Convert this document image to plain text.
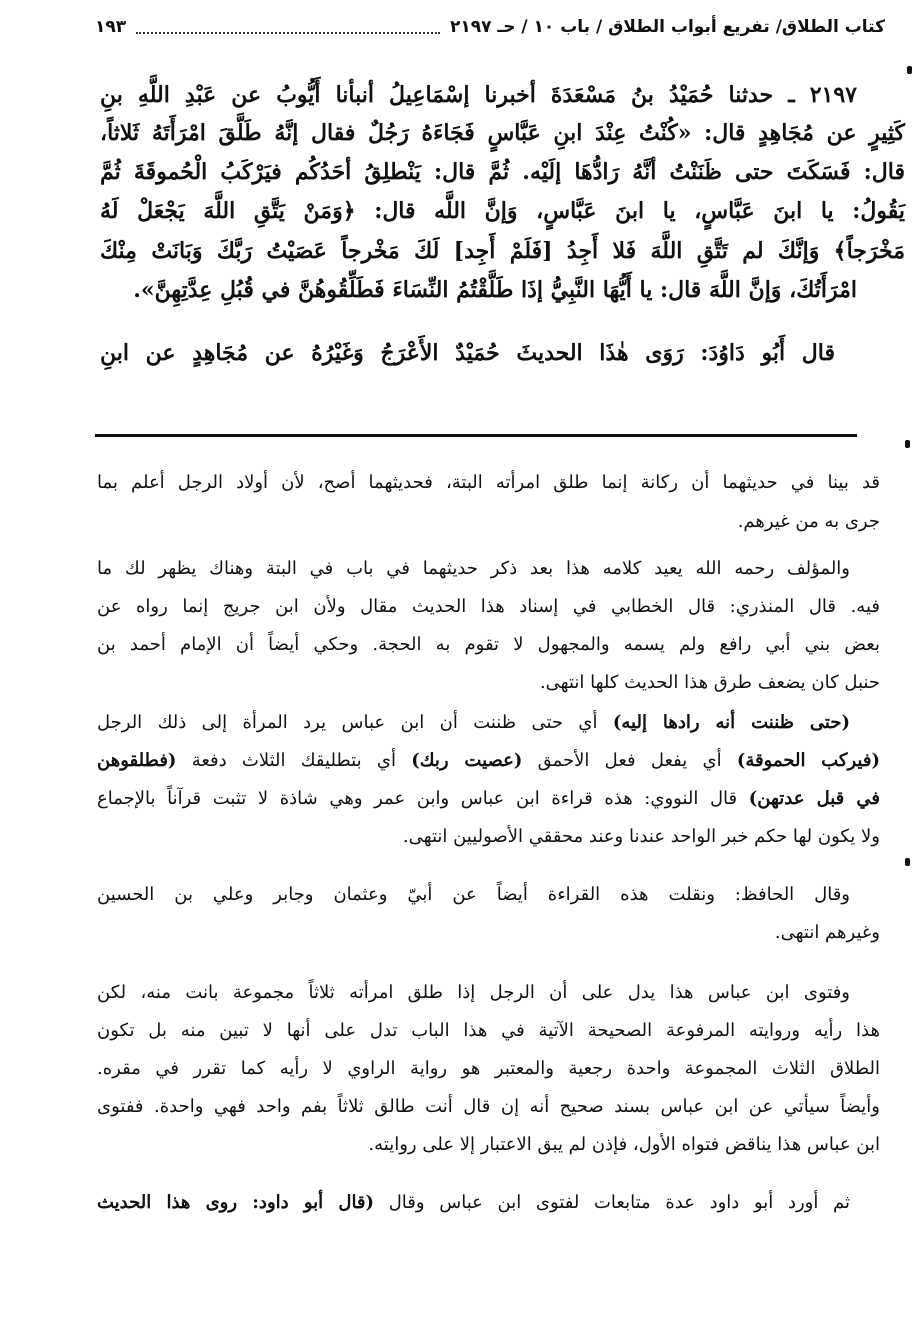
كتاب الطلاق/ تفريع أبواب الطلاق / باب ١٠ / حـ ٢١٩٧
١٩٣
٢١٩٧ ـ حدثنا حُمَيْدُ بنُ مَسْعَدَةَ أخبرنا إسْمَاعِيلُ أنبأنا أَيُّوبُ عن عَبْدِ اللَّهِ بنِ
كَثِيرٍ عن مُجَاهِدٍ قال: «كُنْتُ عِنْدَ ابنِ عَبَّاسٍ فَجَاءَهُ رَجُلٌ فقال إنَّهُ طَلَّقَ امْرَأَتَهُ ثَلاثاً،
قال: فَسَكَتَ حتى ظَنَنْتُ أنَّهُ رَادُّهَا إلَيْه. ثُمَّ قال: يَنْطلِقُ أحَدُكُم فيَرْكَبُ الْحُموقَةَ ثُمَّ
يَقُولُ: يا ابنَ عَبَّاسٍ، يا ابنَ عَبَّاسٍ، وَإنَّ اللَّه قال: ﴿وَمَنْ يَتَّقِ اللَّهَ يَجْعَلْ لَهُ
مَخْرَجاً﴾ وَإنَّكَ لم تَتَّقِ اللَّهَ فَلا أَجِدُ [فَلَمْ أَجِد] لَكَ مَخْرجاً عَصَيْتُ رَبَّكَ وَبَانَتْ مِنْكَ
امْرَأَتُكَ، وَإنَّ اللَّهَ قال: يا أَيُّهَا النَّبِيُّ إذَا طَلَّقْتُمُ النِّسَاءَ فَطَلِّقُوهُنَّ في قُبُلِ عِدَّتِهِنَّ».
قال أَبُو دَاوُدَ: رَوَى هٰذَا الحديثَ حُمَيْدٌ الأَعْرَجُ وَغَيْرُهُ عن مُجَاهِدٍ عن ابنِ
قد بينا في حديثهما أن ركانة إنما طلق امرأته البتة، فحديثهما أصح، لأن أولاد الرجل أعلم بما
جرى به من غيرهم.
والمؤلف رحمه الله يعيد كلامه هذا بعد ذكر حديثهما في باب في البتة وهناك يظهر لك ما
فيه. قال المنذري: قال الخطابي في إسناد هذا الحديث مقال ولأن ابن جريج إنما رواه عن
بعض بني أبي رافع ولم يسمه والمجهول لا تقوم به الحجة. وحكي أيضاً أن الإمام أحمد بن
حنبل كان يضعف طرق هذا الحديث كلها انتهى.
(حتى ظننت أنه رادها إليه) أي حتى ظننت أن ابن عباس يرد المرأة إلى ذلك الرجل
(فيركب الحموقة) أي يفعل فعل الأحمق (عصيت ربك) أي بتطليقك الثلاث دفعة (فطلقوهن
في قبل عدتهن) قال النووي: هذه قراءة ابن عباس وابن عمر وهي شاذة لا تثبت قرآناً بالإجماع
ولا يكون لها حكم خبر الواحد عندنا وعند محققي الأصوليين انتهى.
وقال الحافظ: ونقلت هذه القراءة أيضاً عن أبيّ وعثمان وجابر وعلي بن الحسين
وغيرهم انتهى.
وفتوى ابن عباس هذا يدل على أن الرجل إذا طلق امرأته ثلاثاً مجموعة بانت منه، لكن
هذا رأيه وروايته المرفوعة الصحيحة الآتية في هذا الباب تدل على أنها لا تبين منه بل تكون
الطلاق الثلاث المجموعة واحدة رجعية والمعتبر هو رواية الراوي لا رأيه كما تقرر في مقره.
وأيضاً سيأتي عن ابن عباس بسند صحيح أنه إن قال أنت طالق ثلاثاً بفم واحد فهي واحدة. ففتوى
ابن عباس هذا يناقض فتواه الأول، فإذن لم يبق الاعتبار إلا على روايته.
ثم أورد أبو داود عدة متابعات لفتوى ابن عباس وقال (قال أبو داود: روى هذا الحديث
